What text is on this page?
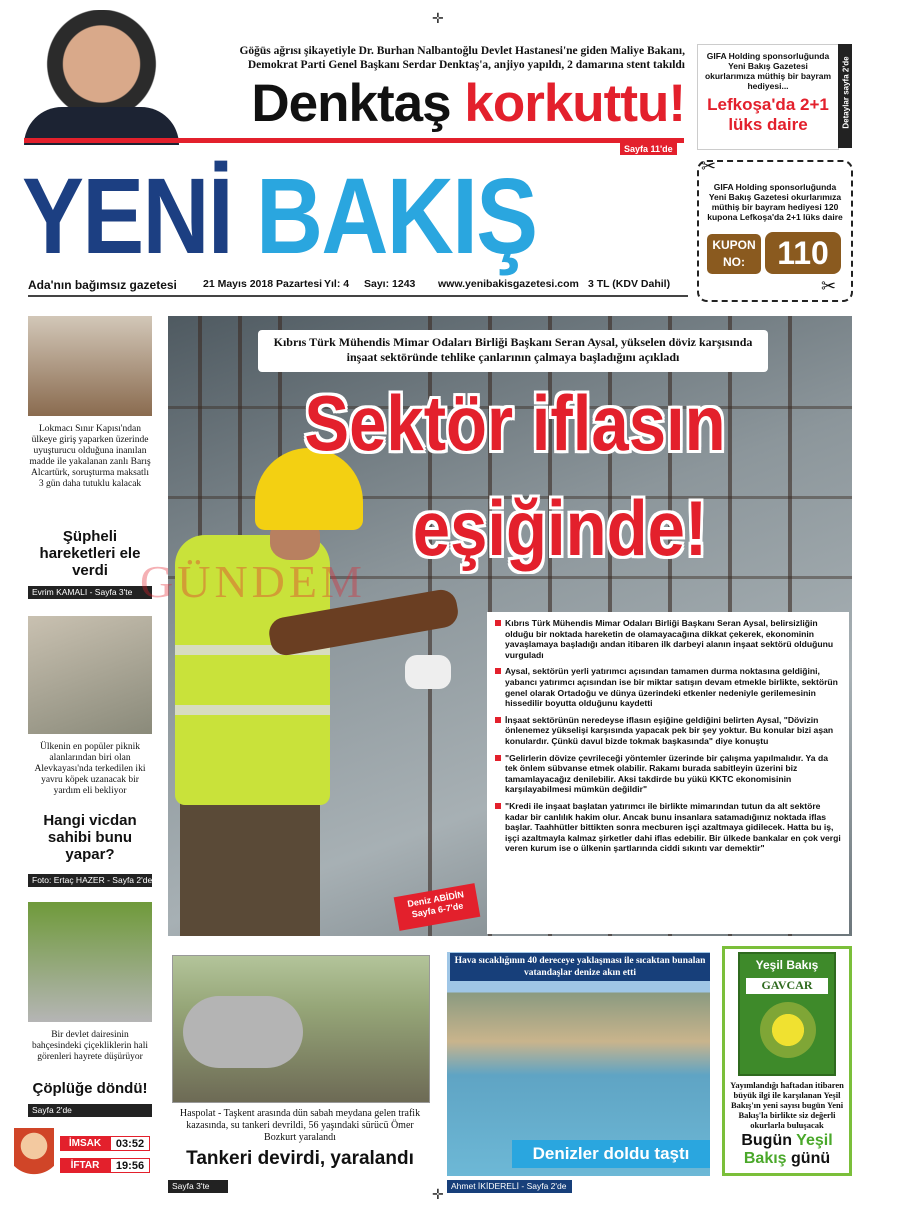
✛
✛
Göğüs ağrısı şikayetiyle Dr. Burhan Nalbantoğlu Devlet Hastanesi'ne giden Maliye Bakanı, Demokrat Parti Genel Başkanı Serdar Denktaş'a, anjiyo yapıldı, 2 damarına stent takıldı
Denktaş korkuttu!
Sayfa 11'de
GIFA Holding sponsorluğunda Yeni Bakış Gazetesi okurlarımıza müthiş bir bayram hediyesi...
Lefkoşa'da 2+1 lüks daire	Detaylar sayfa 2'de
YENİ BAKIŞ
Ada'nın bağımsız gazetesi 21 Mayıs 2018 Pazartesi Yıl: 4 Sayı: 1243 www.yenibakisgazetesi.com 3 TL (KDV Dahil)
✂
✂
GIFA Holding sponsorluğunda Yeni Bakış Gazetesi okurlarımıza müthiş bir bayram hediyesi 120 kupona Lefkoşa'da 2+1 lüks daire
KUPON NO:	110
Lokmacı Sınır Kapısı'ndan ülkeye giriş yaparken üzerinde uyuşturucu olduğuna inanılan madde ile yakalanan zanlı Barış Alcartürk, soruşturma maksatlı 3 gün daha tutuklu kalacak
Şüpheli hareketleri ele verdi
Evrim KAMALI - Sayfa 3'te
Ülkenin en popüler piknik alanlarından biri olan Alevkayası'nda terkedilen iki yavru köpek uzanacak bir yardım eli bekliyor
Hangi vicdan sahibi bunu yapar?
Foto: Ertaç HAZER - Sayfa 2'de
Bir devlet dairesinin bahçesindeki çiçekliklerin hali görenleri hayrete düşürüyor
Çöplüğe döndü!
Sayfa 2'de
İMSAK	03:52
İFTAR	19:56
Kıbrıs Türk Mühendis Mimar Odaları Birliği Başkanı Seran Aysal, yükselen döviz karşısında inşaat sektöründe tehlike çanlarının çalmaya başladığını açıkladı
Sektör iflasın
eşiğinde!
GÜNDEM
Kıbrıs Türk Mühendis Mimar Odaları Birliği Başkanı Seran Aysal, belirsizliğin olduğu bir noktada hareketin de olamayacağına dikkat çekerek, ekonominin yavaşlamaya başladığı andan itibaren ilk darbeyi alanın inşaat sektörü olduğunu vurguladı
Aysal, sektörün yerli yatırımcı açısından tamamen durma noktasına geldiğini, yabancı yatırımcı açısından ise bir miktar satışın devam etmekle birlikte, sektörün genel olarak Ortadoğu ve dünya üzerindeki etkenler nedeniyle gerilemesinin hissedilir boyutta olduğunu kaydetti
İnşaat sektörünün neredeyse iflasın eşiğine geldiğini belirten Aysal, "Dövizin önlenemez yükselişi karşısında yapacak pek bir şey yoktur. Bu konular bizi aşan konulardır. Çünkü davul bizde tokmak başkasında" diye konuştu
"Gelirlerin dövize çevrileceği yöntemler üzerinde bir çalışma yapılmalıdır. Ya da tek önlem sübvanse etmek olabilir. Rakamı burada sabitleyin üzerini biz tamamlayacağız denilebilir. Aksi takdirde bu yükü KKTC ekonomisinin karşılayabilmesi mümkün değildir"
"Kredi ile inşaat başlatan yatırımcı ile birlikte mimarından tutun da alt sektöre kadar bir canlılık hakim olur. Ancak bunu insanlara satamadığınız noktada iflas başlar. Taahhütler bittikten sonra mecburen işçi azaltmaya gidilecek. Hatta bu iş, işçi azaltmayla kalmaz şirketler dahi iflas edebilir. Bir ülkede bankalar en çok vergi veren kurum ise o ülkenin şartlarında ciddi sıkıntı var demektir"
Deniz ABİDİN Sayfa 6-7'de
Haspolat - Taşkent arasında dün sabah meydana gelen trafik kazasında, su tankeri devrildi, 56 yaşındaki sürücü Ömer Bozkurt yaralandı
Tankeri devirdi, yaralandı
Sayfa 3'te
Hava sıcaklığının 40 dereceye yaklaşması ile sıcaktan bunalan vatandaşlar denize akın etti
Denizler doldu taştı
Ahmet İKİDERELİ - Sayfa 2'de
Yeşil Bakış
GAVCAR
Yayımlandığı haftadan itibaren büyük ilgi ile karşılanan Yeşil Bakış'ın yeni sayısı bugün Yeni Bakış'la birlikte siz değerli okurlarla buluşacak
Bugün Yeşil Bakış günü
